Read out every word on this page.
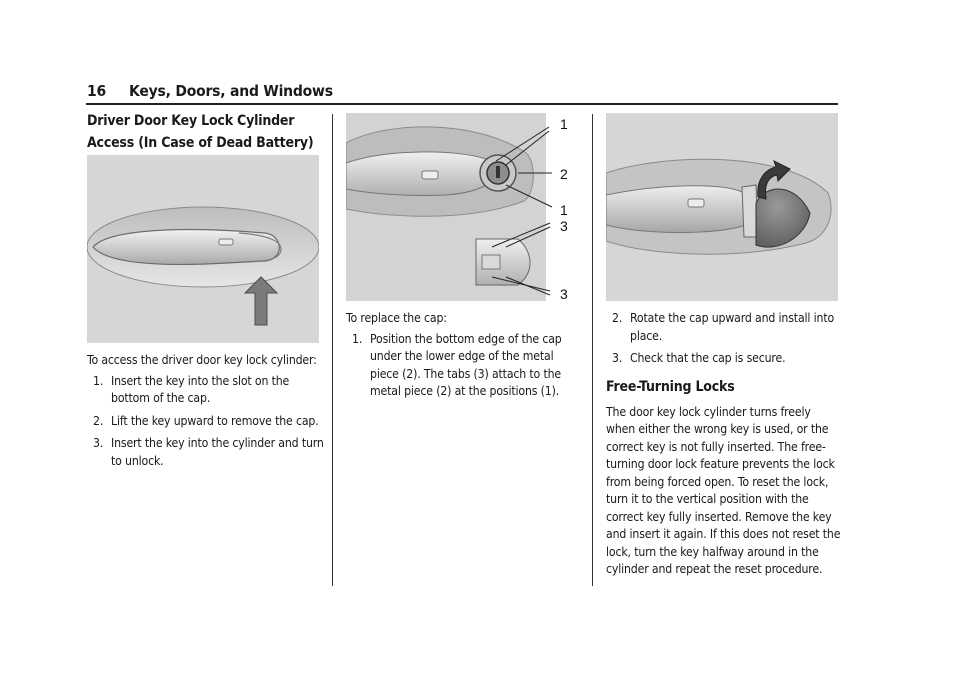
16 Keys, Doors, and Windows
Driver Door Key Lock Cylinder Access (In Case of Dead Battery)

To access the driver door key lock cylinder:

1. Insert the key into the slot on the bottom of the cap.
2. Lift the key upward to remove the cap.
3. Insert the key into the cylinder and turn to unlock.
1
2
1
3
3

To replace the cap:

1. Position the bottom edge of the cap under the lower edge of the metal piece (2). The tabs (3) attach to the metal piece (2) at the positions (1).
2. Rotate the cap upward and install into place.
3. Check that the cap is secure.
Free-Turning Locks

The door key lock cylinder turns freely when either the wrong key is used, or the correct key is not fully inserted. The free-turning door lock feature prevents the lock from being forced open. To reset the lock, turn it to the vertical position with the correct key fully inserted. Remove the key and insert it again. If this does not reset the lock, turn the key halfway around in the cylinder and repeat the reset procedure.
